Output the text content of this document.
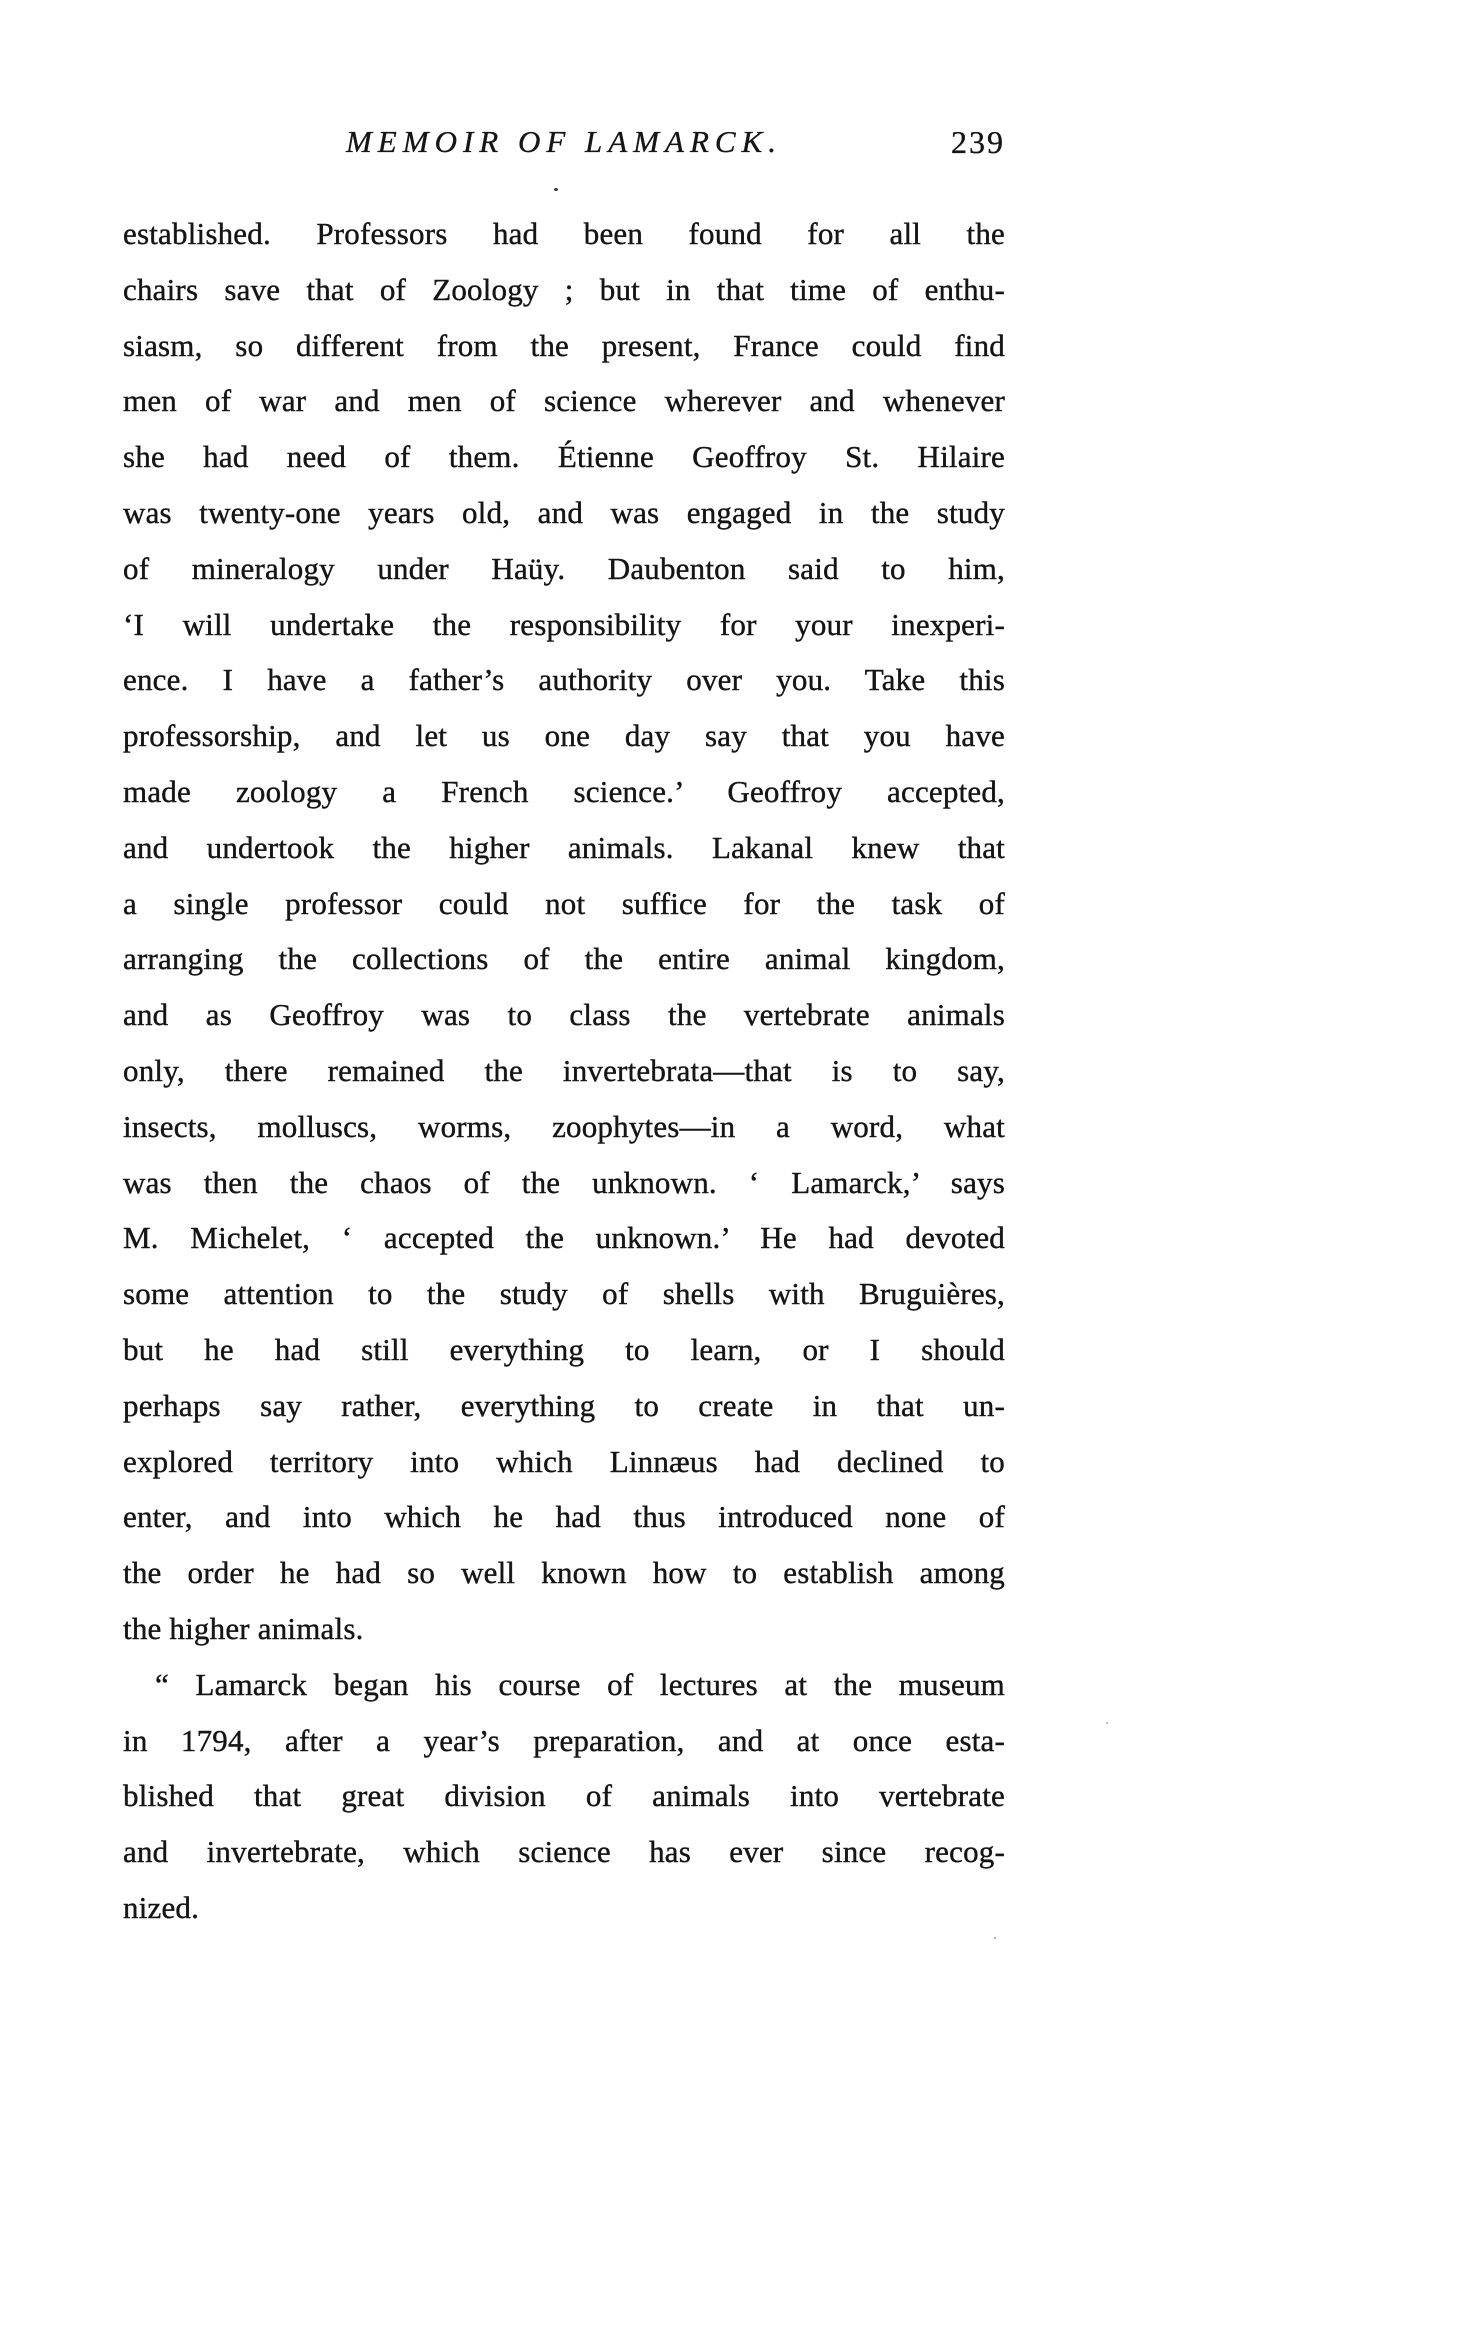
MEMOIR OF LAMARCK.	239
established. Professors had been found for all the
chairs save that of Zoology ; but in that time of enthu-
siasm, so different from the present, France could find
men of war and men of science wherever and whenever
she had need of them. Étienne Geoffroy St. Hilaire
was twenty-one years old, and was engaged in the study
of mineralogy under Haüy. Daubenton said to him,
‘I will undertake the responsibility for your inexperi-
ence. I have a father’s authority over you. Take this
professorship, and let us one day say that you have
made zoology a French science.’ Geoffroy accepted,
and undertook the higher animals. Lakanal knew that
a single professor could not suffice for the task of
arranging the collections of the entire animal kingdom,
and as Geoffroy was to class the vertebrate animals
only, there remained the invertebrata—that is to say,
insects, molluscs, worms, zoophytes—in a word, what
was then the chaos of the unknown. ‘ Lamarck,’ says
M. Michelet, ‘ accepted the unknown.’ He had devoted
some attention to the study of shells with Bruguières,
but he had still everything to learn, or I should
perhaps say rather, everything to create in that un-
explored territory into which Linnæus had declined to
enter, and into which he had thus introduced none of
the order he had so well known how to establish among
the higher animals.
“ Lamarck began his course of lectures at the museum
in 1794, after a year’s preparation, and at once esta-
blished that great division of animals into vertebrate
and invertebrate, which science has ever since recog-
nized.
